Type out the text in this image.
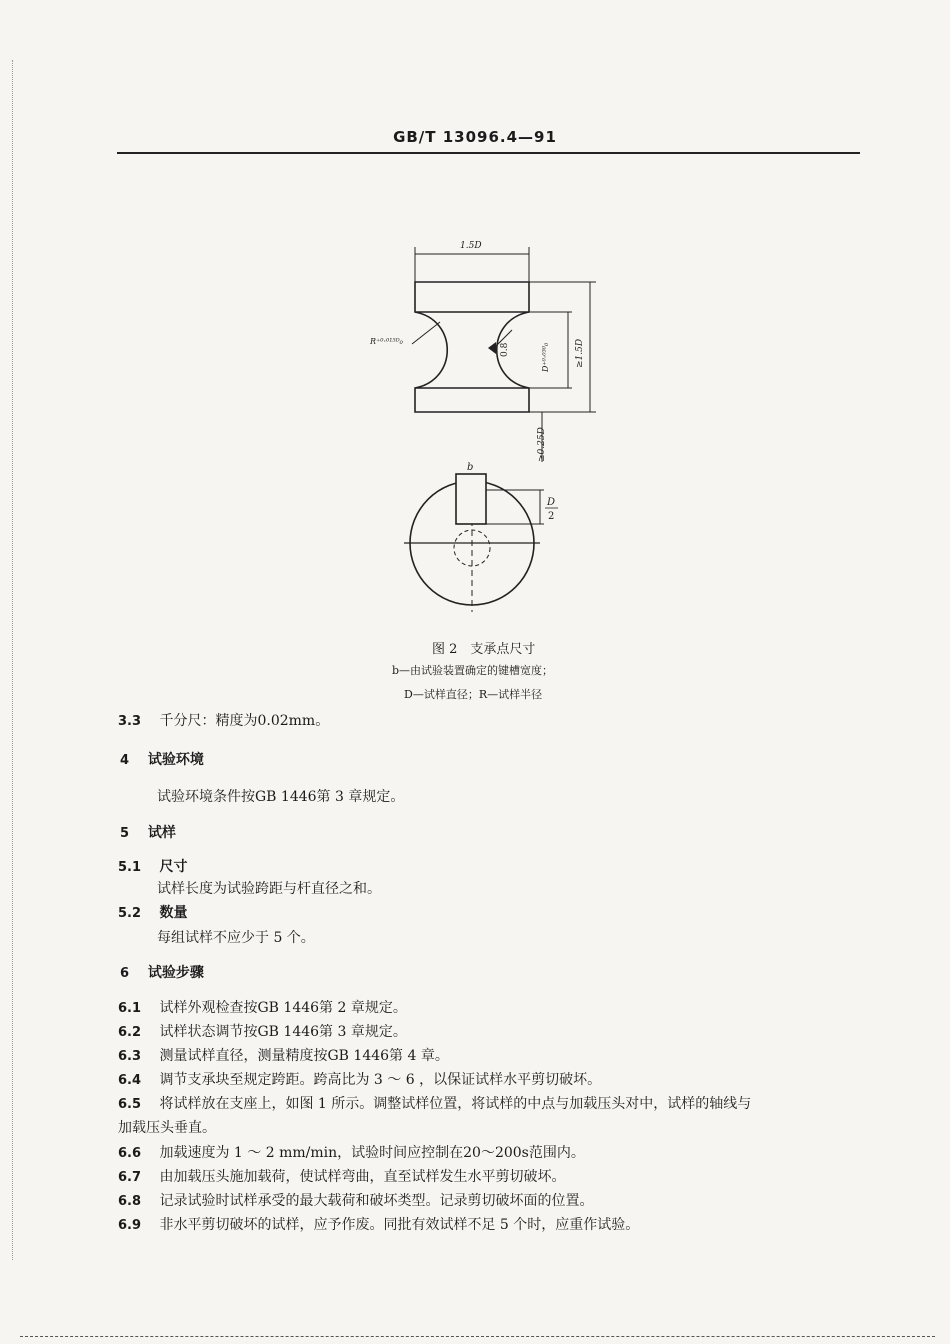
GB/T 13096.4—91
1.5D
R⁺⁰·⁰¹⁵ᴰ₀
0.8	D⁺⁰·⁰³⁰₀	≥1.5D
≥0.25D
b
D
2
图 2　支承点尺寸
b—由试验装置确定的键槽宽度；
D—试样直径；R—试样半径
3.3 千分尺：精度为0.02mm。
4 试验环境
试验环境条件按GB 1446第 3 章规定。
5 试样
5.1 尺寸
试样长度为试验跨距与杆直径之和。
5.2 数量
每组试样不应少于 5 个。
6 试验步骤
6.1 试样外观检查按GB 1446第 2 章规定。
6.2 试样状态调节按GB 1446第 3 章规定。
6.3 测量试样直径，测量精度按GB 1446第 4 章。
6.4 调节支承块至规定跨距。跨高比为 3 ～ 6 ，以保证试样水平剪切破坏。
6.5 将试样放在支座上，如图 1 所示。调整试样位置，将试样的中点与加载压头对中，试样的轴线与
加载压头垂直。
6.6 加载速度为 1 ～ 2 mm/min，试验时间应控制在20～200s范围内。
6.7 由加载压头施加载荷，使试样弯曲，直至试样发生水平剪切破坏。
6.8 记录试验时试样承受的最大载荷和破坏类型。记录剪切破坏面的位置。
6.9 非水平剪切破坏的试样，应予作废。同批有效试样不足 5 个时，应重作试验。
